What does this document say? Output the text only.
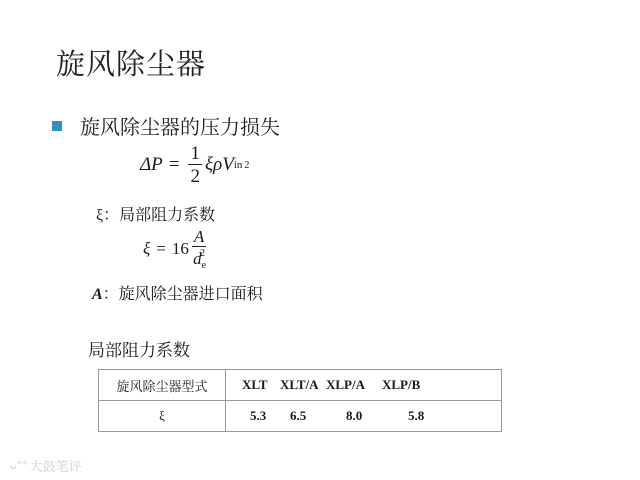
旋风除尘器
旋风除尘器的压力损失
$\Delta P = \frac{1}{2}$ ξ ρ V in 2
ξ：局部阻力系数
$\xi = 16 \frac{A}{d_e^2}$
A：旋风除尘器进口面积
局部阻力系数
旋风除尘器型式	XLT XLT/A XLP/A XLP/B
ξ	5.3 6.5 8.0 5.8
ᴗ°° 大鼓笔评
